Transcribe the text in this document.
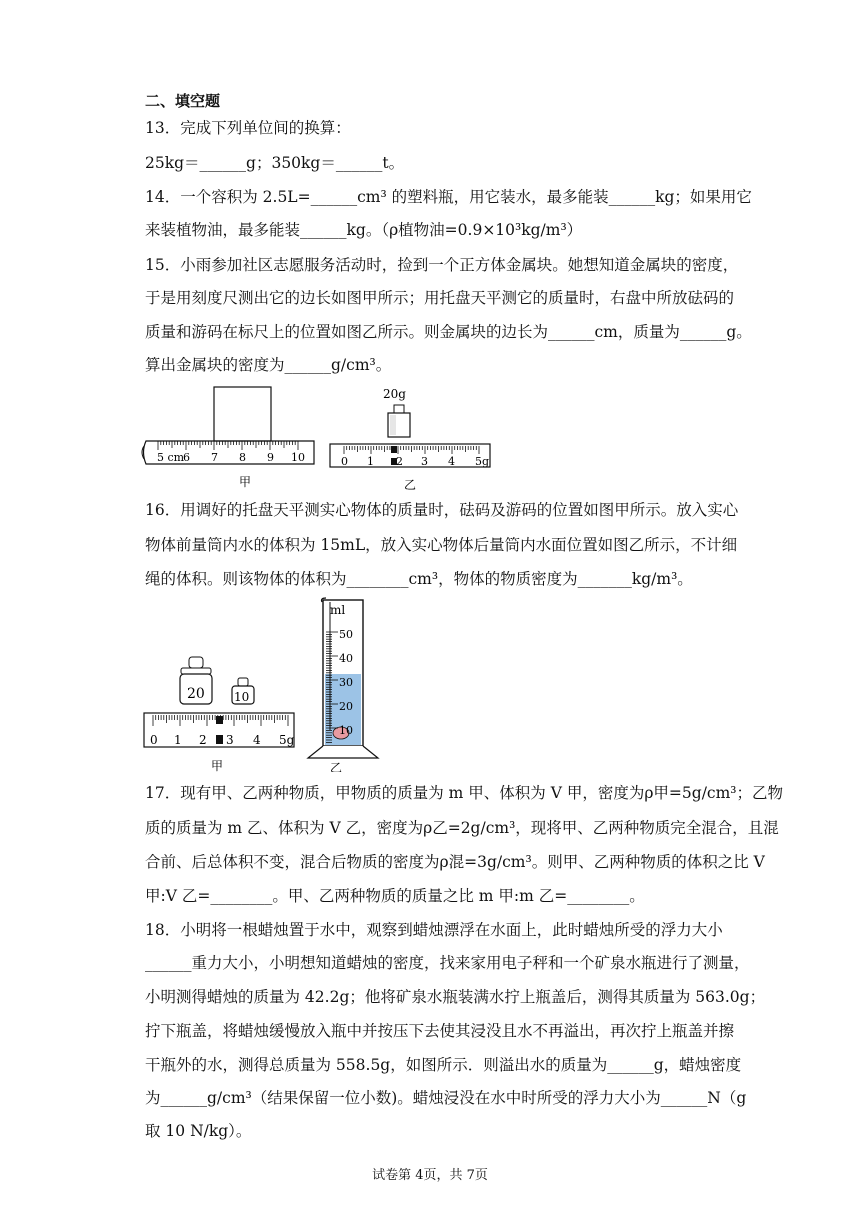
二、填空题
13．完成下列单位间的换算：
25kg＝______g；350kg＝______t。
14．一个容积为 2.5L=______cm³ 的塑料瓶，用它装水，最多能装______kg；如果用它
来装植物油，最多能装______kg。（ρ植物油=0.9×10³kg/m³）
15．小雨参加社区志愿服务活动时，捡到一个正方体金属块。她想知道金属块的密度，
于是用刻度尺测出它的边长如图甲所示；用托盘天平测它的质量时，右盘中所放砝码的
质量和游码在标尺上的位置如图乙所示。则金属块的边长为______cm，质量为______g。
算出金属块的密度为______g/cm³。
5 cm
6 7 8 9 10
20g
0 1 2 3 4 5g
甲	乙
16．用调好的托盘天平测实心物体的质量时，砝码及游码的位置如图甲所示。放入实心
物体前量筒内水的体积为 15mL，放入实心物体后量筒内水面位置如图乙所示，不计细
绳的体积。则该物体的体积为________cm³，物体的物质密度为_______kg/m³。
20 10
0 1 2 3 4 5g
ml
50
40
30
20
10
甲	乙
17．现有甲、乙两种物质，甲物质的质量为 m 甲、体积为 V 甲，密度为ρ甲=5g/cm³；乙物
质的质量为 m 乙、体积为 V 乙，密度为ρ乙=2g/cm³，现将甲、乙两种物质完全混合，且混
合前、后总体积不变，混合后物质的密度为ρ混=3g/cm³。则甲、乙两种物质的体积之比 V
甲:V 乙=________。甲、乙两种物质的质量之比 m 甲:m 乙=________。
18．小明将一根蜡烛置于水中，观察到蜡烛漂浮在水面上，此时蜡烛所受的浮力大小
______重力大小，小明想知道蜡烛的密度，找来家用电子秤和一个矿泉水瓶进行了测量，
小明测得蜡烛的质量为 42.2g；他将矿泉水瓶装满水拧上瓶盖后，测得其质量为 563.0g；
拧下瓶盖，将蜡烛缓慢放入瓶中并按压下去使其浸没且水不再溢出，再次拧上瓶盖并擦
干瓶外的水，测得总质量为 558.5g，如图所示．则溢出水的质量为______g，蜡烛密度
为______g/cm³（结果保留一位小数)。蜡烛浸没在水中时所受的浮力大小为______N（g
取 10 N/kg）。
试卷第 4页，共 7页
